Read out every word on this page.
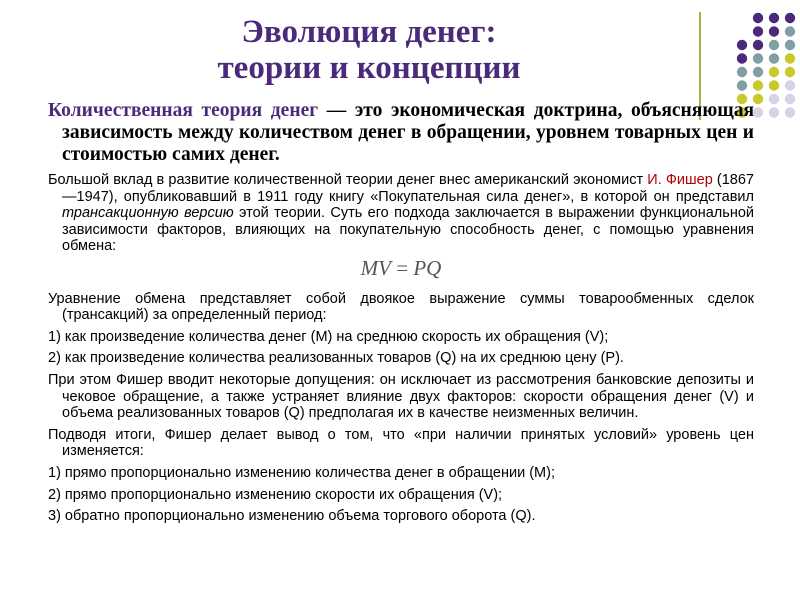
Эволюция денег:
теории и концепции

Количественная теория денег — это экономическая доктрина, объясняющая зависимость между количеством денег в обращении, уровнем товарных цен и стоимостью самих денег.

Большой вклад в развитие количественной теории денег внес американский экономист И. Фишер (1867—1947), опубликовавший в 1911 году книгу «Покупательная сила денег», в которой он представил трансакционную версию этой теории. Суть его подхода заключается в выражении функциональной зависимости факторов, влияющих на покупательную способность денег, с помощью уравнения обмена:

MV = PQ

Уравнение обмена представляет собой двоякое выражение суммы товарообменных сделок (трансакций) за определенный период:

1) как произведение количества денег (М) на среднюю скорость их обращения (V);

2) как произведение количества реализованных товаров (Q) на их среднюю цену (Р).

При этом Фишер вводит некоторые допущения: он исключает из рассмотрения банковские депозиты и чековое обращение, а также устраняет влияние двух факторов: скорости обращения денег (V) и объема реализованных товаров (Q) предполагая их в качестве неизменных величин.

Подводя итоги, Фишер делает вывод о том, что «при наличии принятых условий» уровень цен изменяется:

1) прямо пропорционально изменению количества денег в обращении (М);

2) прямо пропорционально изменению скорости их обращения (V);

3) обратно пропорционально изменению объема торгового оборота (Q).
